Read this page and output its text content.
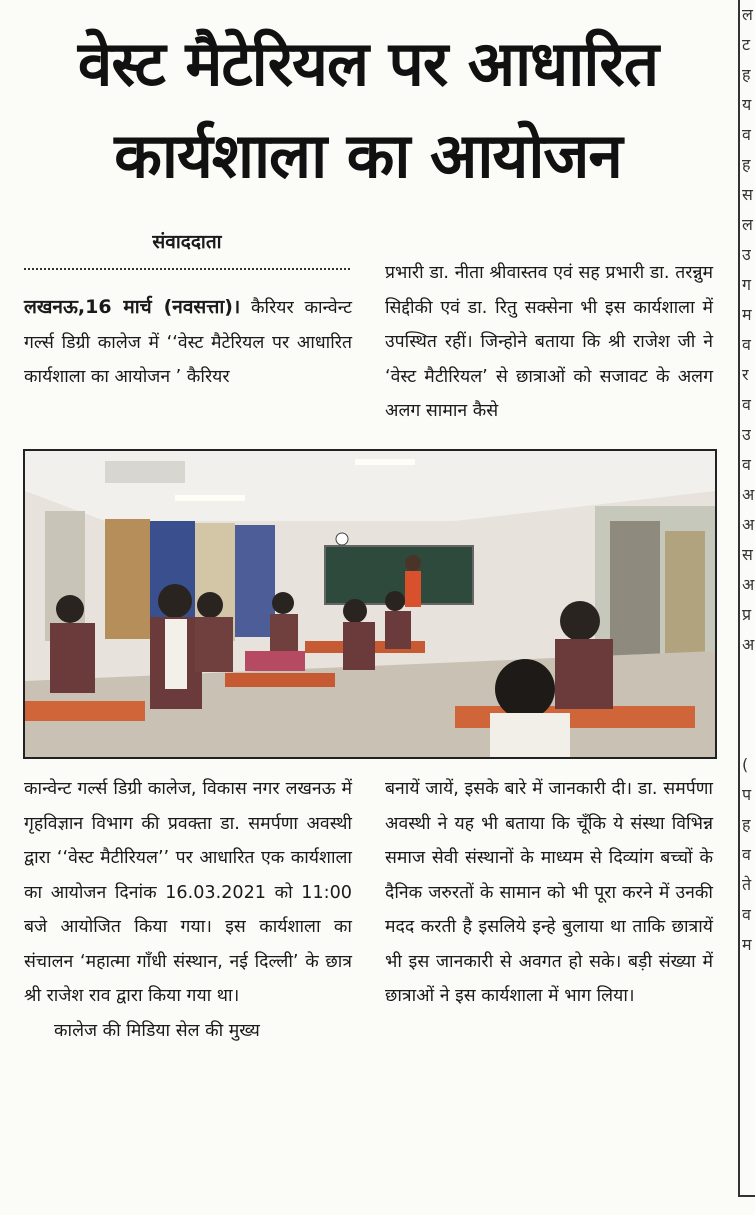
वेस्ट मैटेरियल पर आधारित
कार्यशाला का आयोजन
संवाददाता

लखनऊ,16 मार्च (नवसत्ता)। कैरियर कान्वेन्ट गर्ल्स डिग्री कालेज में ‘‘वेस्ट मैटेरियल पर आधारित कार्यशाला का आयोजन ’ कैरियर

प्रभारी डा. नीता श्रीवास्तव एवं सह प्रभारी डा. तरन्नुम सिद्दीकी एवं डा. रितु सक्सेना भी इस कार्यशाला में उपस्थित रहीं। जिन्होने बताया कि श्री राजेश जी ने ‘वेस्ट मैटीरियल’ से छात्राओं को सजावट के अलग अलग सामान कैसे

कान्वेन्ट गर्ल्स डिग्री कालेज, विकास नगर लखनऊ में गृहविज्ञान विभाग की प्रवक्ता डा. समर्पणा अवस्थी द्वारा ‘‘वेस्ट मैटीरियल’’ पर आधारित एक कार्यशाला का आयोजन दिनांक 16.03.2021 को 11:00 बजे आयोजित किया गया। इस कार्यशाला का संचालन ‘महात्मा गाँधी संस्थान, नई दिल्ली’ के छात्र श्री राजेश राव द्वारा किया गया था।

कालेज की मिडिया सेल की मुख्य

बनायें जायें, इसके बारे में जानकारी दी। डा. समर्पणा अवस्थी ने यह भी बताया कि चूँकि ये संस्था विभिन्न समाज सेवी संस्थानों के माध्यम से दिव्यांग बच्चों के दैनिक जरुरतों के सामान को भी पूरा करने में उनकी मदद करती है इसलिये इन्हे बुलाया था ताकि छात्रायें भी इस जानकारी से अवगत हो सके। बड़ी संख्या में छात्राओं ने इस कार्यशाला में भाग लिया।

ल
ट
ह
य
व
ह
स
ल
उ
ग
म
व
र
व
उ
व
अ
अ
स
अ
प्र
अ
(
प
ह
व
ते
व
म
